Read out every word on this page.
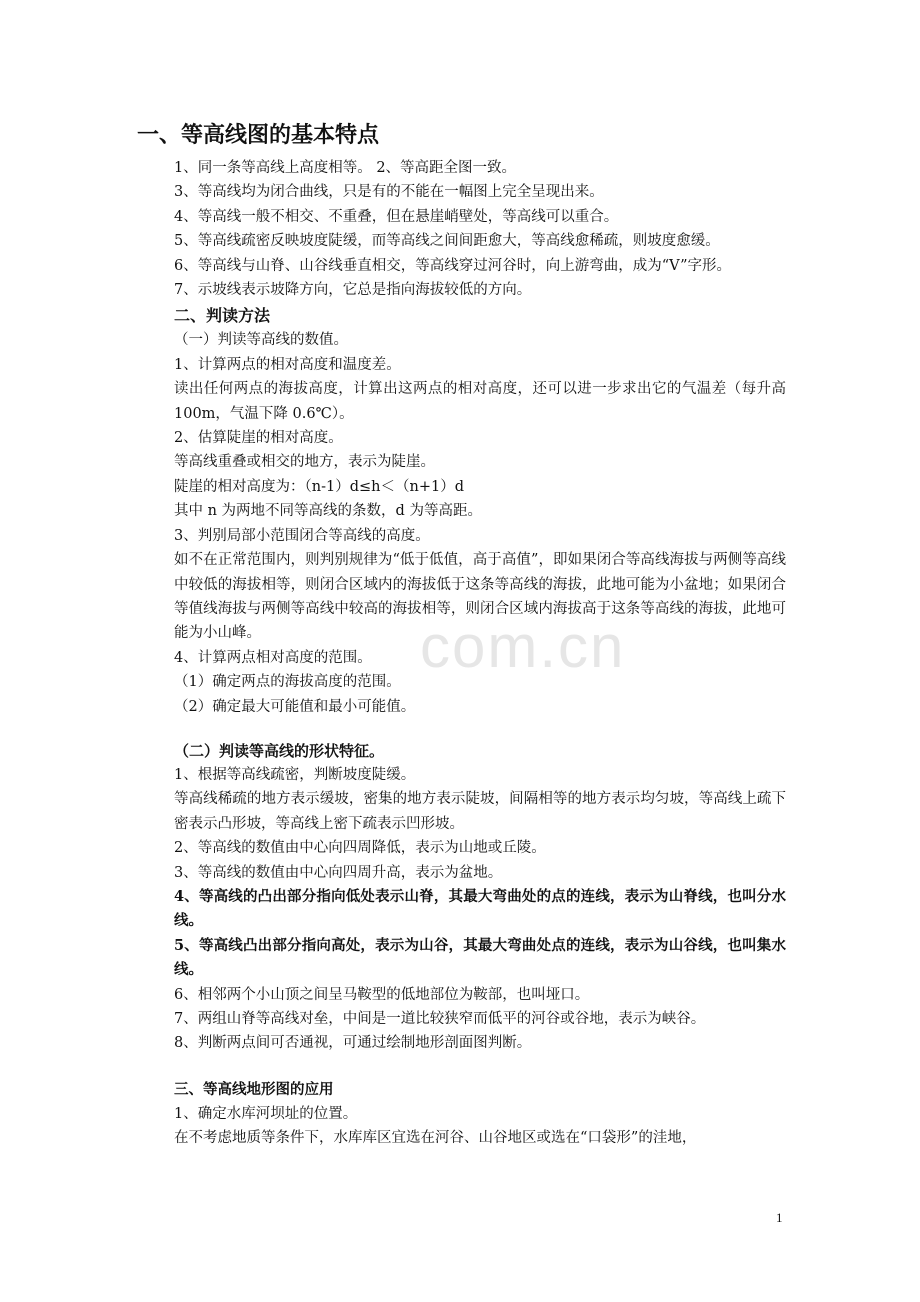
com.cn
一、等高线图的基本特点

1、同一条等高线上高度相等。 2、等高距全图一致。

3、等高线均为闭合曲线，只是有的不能在一幅图上完全呈现出来。

4、等高线一般不相交、不重叠，但在悬崖峭壁处，等高线可以重合。

5、等高线疏密反映坡度陡缓，而等高线之间间距愈大，等高线愈稀疏，则坡度愈缓。

6、等高线与山脊、山谷线垂直相交，等高线穿过河谷时，向上游弯曲，成为“V”字形。

7、示坡线表示坡降方向，它总是指向海拔较低的方向。

二、判读方法

（一）判读等高线的数值。

1、计算两点的相对高度和温度差。

读出任何两点的海拔高度，计算出这两点的相对高度，还可以进一步求出它的气温差（每升高 100m，气温下降 0.6℃）。

2、估算陡崖的相对高度。

等高线重叠或相交的地方，表示为陡崖。

陡崖的相对高度为：（n-1）d≤h＜（n+1）d

其中 n 为两地不同等高线的条数，d 为等高距。

3、判别局部小范围闭合等高线的高度。

如不在正常范围内，则判别规律为“低于低值，高于高值”，即如果闭合等高线海拔与两侧等高线中较低的海拔相等，则闭合区域内的海拔低于这条等高线的海拔，此地可能为小盆地；如果闭合等值线海拔与两侧等高线中较高的海拔相等，则闭合区域内海拔高于这条等高线的海拔，此地可能为小山峰。

4、计算两点相对高度的范围。

（1）确定两点的海拔高度的范围。

（2）确定最大可能值和最小可能值。

（二）判读等高线的形状特征。

1、根据等高线疏密，判断坡度陡缓。

等高线稀疏的地方表示缓坡，密集的地方表示陡坡，间隔相等的地方表示均匀坡，等高线上疏下密表示凸形坡，等高线上密下疏表示凹形坡。

2、等高线的数值由中心向四周降低，表示为山地或丘陵。

3、等高线的数值由中心向四周升高，表示为盆地。

4、等高线的凸出部分指向低处表示山脊，其最大弯曲处的点的连线，表示为山脊线，也叫分水线。

5、等高线凸出部分指向高处，表示为山谷，其最大弯曲处点的连线，表示为山谷线，也叫集水线。

6、相邻两个小山顶之间呈马鞍型的低地部位为鞍部，也叫垭口。

7、两组山脊等高线对垒，中间是一道比较狭窄而低平的河谷或谷地，表示为峡谷。

8、判断两点间可否通视，可通过绘制地形剖面图判断。

三、等高线地形图的应用

1、确定水库河坝址的位置。

在不考虑地质等条件下，水库库区宜选在河谷、山谷地区或选在“口袋形”的洼地，

1
